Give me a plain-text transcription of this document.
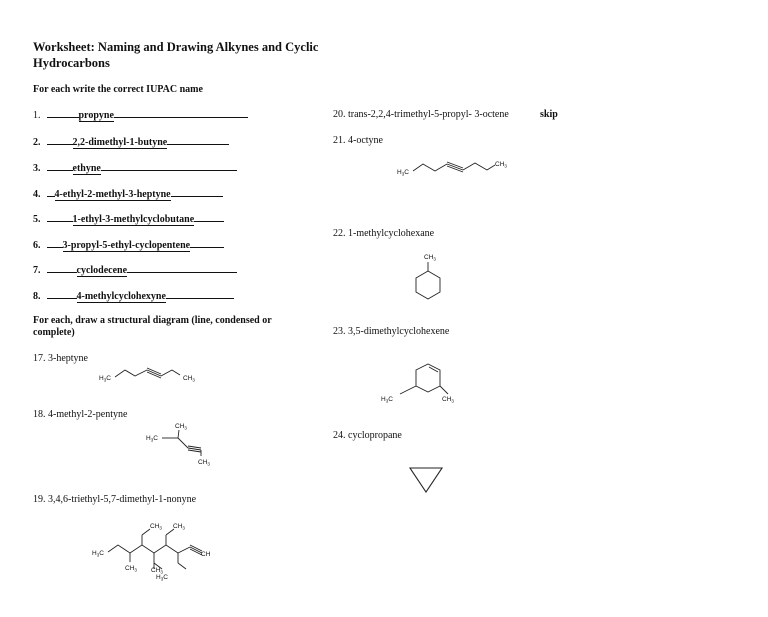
Worksheet: Naming and Drawing Alkynes and Cyclic Hydrocarbons
For each write the correct IUPAC name
1.	propyne
2.	2,2-dimethyl-1-butyne
3.	ethyne
4. 4-ethyl-2-methyl-3-heptyne
5.	1-ethyl-3-methylcyclobutane
6. 3-propyl-5-ethyl-cyclopentene
7.	cyclodecene
8.	4-methylcyclohexyne
For each, draw a structural diagram (line, condensed or complete)
17. 3-heptyne
18. 4-methyl-2-pentyne
19. 3,4,6-triethyl-5,7-dimethyl-1-nonyne
20. trans-2,2,4-trimethyl-5-propyl- 3-octene	skip
21. 4-octyne
22. 1-methylcyclohexane
23. 3,5-dimethylcyclohexene
24. cyclopropane
$H_3C$	$CH_3$
$CH_3$
$H_3C$
$CH_3$
$H_3C$
$CH_3$
$CH_3$
$H_3C$
$CH_3$
$CH_3$
CH
$H_3C$
$CH_3$
$CH_3$
$H_3C$	$CH_3$
